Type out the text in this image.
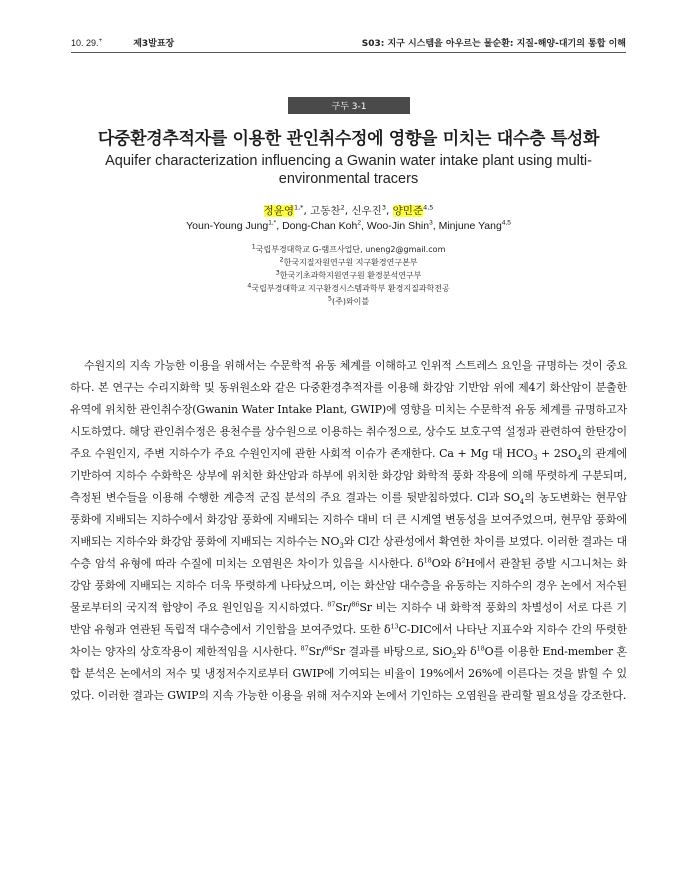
10. 29.+	제3발표장	S03: 지구 시스템을 아우르는 물순환: 지질-해양-대기의 통합 이해
구두 3-1
다중환경추적자를 이용한 관인취수정에 영향을 미치는 대수층 특성화
Aquifer characterization influencing a Gwanin water intake plant using multi-environmental tracers
정윤영$^{1,*}$, 고동찬$^2$, 신우진$^3$, 양민준$^{4,5}$
Youn-Young Jung$^{1,*}$, Dong-Chan Koh$^2$, Woo-Jin Shin$^3$, Minjune Yang$^{4,5}$
$^1$국립부경대학교 G-램프사업단, uneng2@gmail.com
$^2$한국지질자원연구원 지구환경연구본부
$^3$한국기초과학지원연구원 환경분석연구부
$^4$국립부경대학교 지구환경시스템과학부 환경지질과학전공
$^5$(주)와이블

수원지의 지속 가능한 이용을 위해서는 수문학적 유동 체계를 이해하고 인위적 스트레스 요인을 규명하는 것이 중요하다. 본 연구는 수리지화학 및 동위원소와 같은 다중환경추적자를 이용해 화강암 기반암 위에 제4기 화산암이 분출한 유역에 위치한 관인취수장(Gwanin Water Intake Plant, GWIP)에 영향을 미치는 수문학적 유동 체계를 규명하고자 시도하였다. 해당 관인취수정은 용천수를 상수원으로 이용하는 취수정으로, 상수도 보호구역 설정과 관련하여 한탄강이 주요 수원인지, 주변 지하수가 주요 수원인지에 관한 사회적 이슈가 존재한다. Ca + Mg 대 $HCO_3 + 2SO_4$의 관계에 기반하여 지하수 수화학은 상부에 위치한 화산암과 하부에 위치한 화강암 화학적 풍화 작용에 의해 뚜렷하게 구분되며, 측정된 변수들을 이용해 수행한 계층적 군집 분석의 주요 결과는 이를 뒷받침하였다. Cl과 $SO_4$의 농도변화는 현무암 풍화에 지배되는 지하수에서 화강암 풍화에 지배되는 지하수 대비 더 큰 시계열 변동성을 보여주었으며, 현무암 풍화에 지배되는 지하수와 화강암 풍화에 지배되는 지하수는 $NO_3$와 Cl간 상관성에서 확연한 차이를 보였다. 이러한 결과는 대수층 암석 유형에 따라 수질에 미치는 오염원은 차이가 있음을 시사한다. $\delta^{18}O$와 $\delta^2H$에서 관찰된 증발 시그니처는 화강암 풍화에 지배되는 지하수 더욱 뚜렷하게 나타났으며, 이는 화산암 대수층을 유동하는 지하수의 경우 논에서 저수된 물로부터의 국지적 함양이 주요 원인임을 지시하였다. $^{87}$Sr/$^{86}$Sr 비는 지하수 내 화학적 풍화의 차별성이 서로 다른 기반암 유형과 연관된 독립적 대수층에서 기인함을 보여주었다. 또한 $\delta^{13}C$-DIC에서 나타난 지표수와 지하수 간의 뚜렷한 차이는 양자의 상호작용이 제한적임을 시사한다. $^{87}$Sr/$^{86}$Sr 결과를 바탕으로, SiO$_2$와 $\delta^{18}O$를 이용한 End-member 혼합 분석은 논에서의 저수 및 냉정저수지로부터 GWIP에 기여되는 비율이 19%에서 26%에 이른다는 것을 밝힐 수 있었다. 이러한 결과는 GWIP의 지속 가능한 이용을 위해 저수지와 논에서 기인하는 오염원을 관리할 필요성을 강조한다.
